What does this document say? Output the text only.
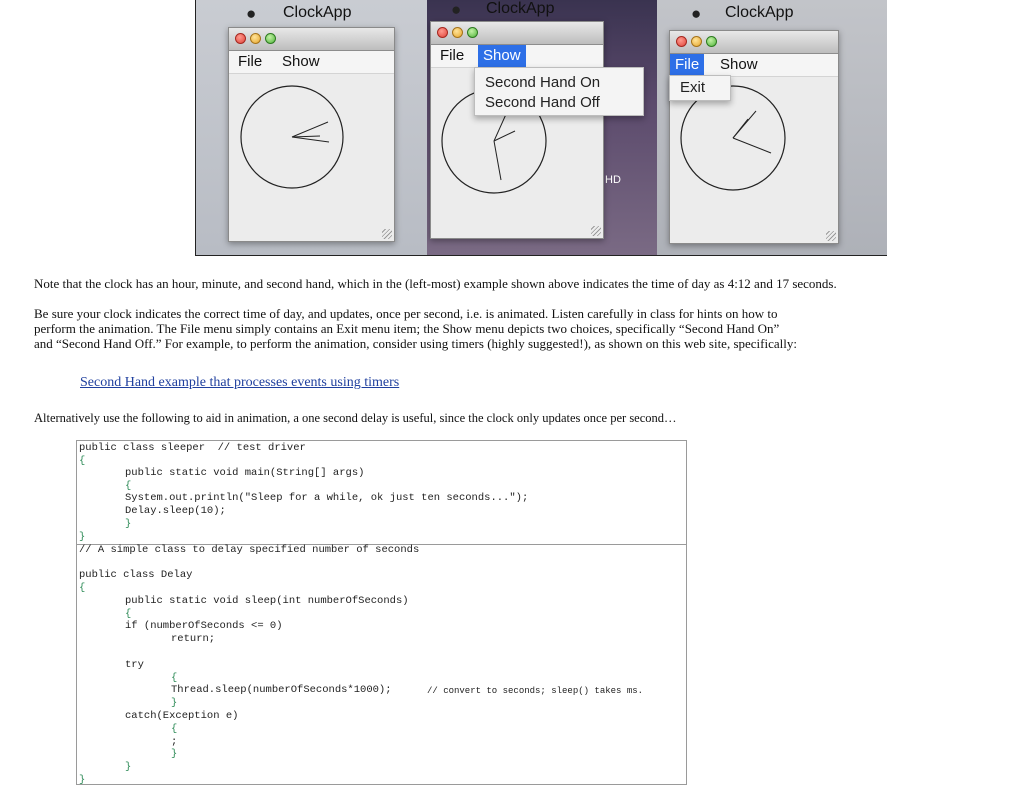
● ClockApp
File	Show
HD
● ClockApp
File	Show
Second Hand On
Second Hand Off
● ClockApp
File	Show
Exit
Note that the clock has an hour, minute, and second hand, which in the (left-most) example shown above indicates the time of day as 4:12 and 17 seconds.
Be sure your clock indicates the correct time of day, and updates, once per second, i.e. is animated. Listen carefully in class for hints on how to
perform the animation. The File menu simply contains an Exit menu item; the Show menu depicts two choices, specifically “Second Hand On”
and “Second Hand Off.” For example, to perform the animation, consider using timers (highly suggested!), as shown on this web site, specifically:
Second Hand example that processes events using timers
Alternatively use the following to aid in animation, a one second delay is useful, since the clock only updates once per second…
public class sleeper  // test driver
{
public static void main(String[] args)
{
System.out.println("Sleep for a while, ok just ten seconds...");
Delay.sleep(10);
}
}
// A simple class to delay specified number of seconds
public class Delay
{
public static void sleep(int numberOfSeconds)
{
if (numberOfSeconds <= 0)
return;
try
{
Thread.sleep(numberOfSeconds*1000);	// convert to seconds; sleep() takes ms.
}
catch(Exception e)
{
;
}
}
}
